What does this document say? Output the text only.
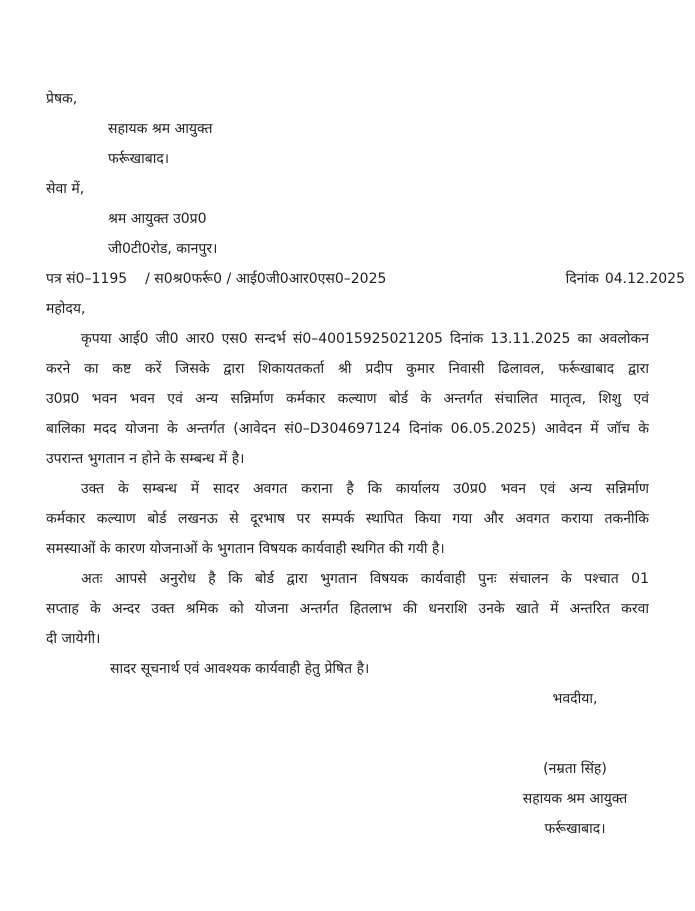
प्रेषक,
सहायक श्रम आयुक्त
फर्रूखाबाद।
सेवा में,
श्रम आयुक्त उ0प्र0
जी0टी0रोड, कानपुर।
पत्र सं0–1195 / स0श्र0फर्रू0 / आई0जी0आर0एस0–2025	दिनांक 04.12.2025
महोदय,
कृपया आई0 जी0 आर0 एस0 सन्दर्भ सं0–40015925021205 दिनांक 13.11.2025 का अवलोकन
करने का कष्ट करें जिसके द्वारा शिकायतकर्ता श्री प्रदीप कुमार निवासी ढिलावल, फर्रूखाबाद द्वारा
उ0प्र0 भवन भवन एवं अन्य सन्निर्माण कर्मकार कल्याण बोर्ड के अन्तर्गत संचालित मातृत्व, शिशु एवं
बालिका मदद योजना के अन्तर्गत (आवेदन सं0–D304697124 दिनांक 06.05.2025) आवेदन में जॉच के
उपरान्त भुगतान न होने के सम्बन्ध में है।
उक्त के सम्बन्ध में सादर अवगत कराना है कि कार्यालय उ0प्र0 भवन एवं अन्य सन्निर्माण
कर्मकार कल्याण बोर्ड लखनऊ से दूरभाष पर सम्पर्क स्थापित किया गया और अवगत कराया तकनीकि
समस्याओं के कारण योजनाओं के भुगतान विषयक कार्यवाही स्थगित की गयी है।
अतः आपसे अनुरोध है कि बोर्ड द्वारा भुगतान विषयक कार्यवाही पुनः संचालन के पश्चात 01
सप्ताह के अन्दर उक्त श्रमिक को योजना अन्तर्गत हितलाभ की धनराशि उनके खाते में अन्तरित करवा
दी जायेगी।
सादर सूचनार्थ एवं आवश्यक कार्यवाही हेतु प्रेषित है।
भवदीया,
(नम्रता सिंह)
सहायक श्रम आयुक्त
फर्रूखाबाद।
